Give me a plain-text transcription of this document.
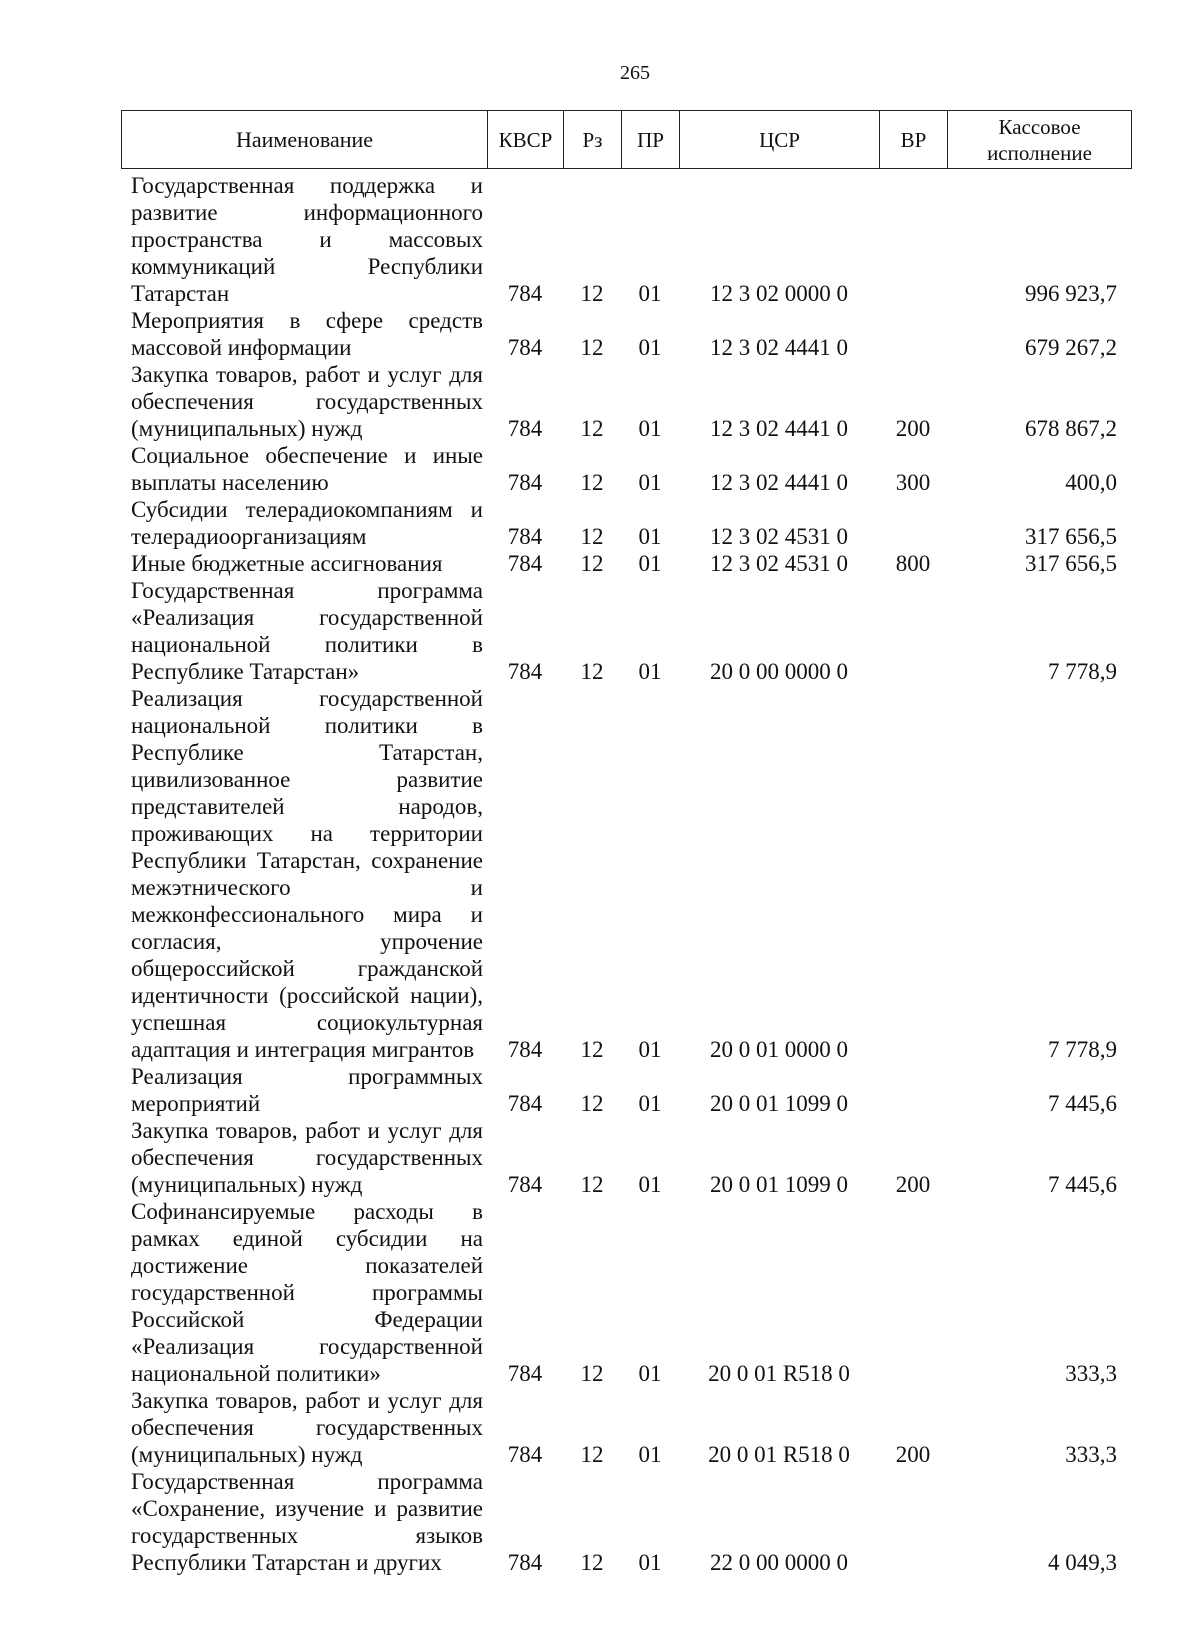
265
Наименование	КВСР	Рз	ПР	ЦСР	ВР	Кассовое исполнение
Государственная поддержка и развитие информационного пространства и массовых коммуникаций Республики Татарстан	784	12	01	12 3 02 0000 0		996 923,7
Мероприятия в сфере средств массовой информации	784	12	01	12 3 02 4441 0		679 267,2
Закупка товаров, работ и услуг для обеспечения государственных (муниципальных) нужд	784	12	01	12 3 02 4441 0	200	678 867,2
Социальное обеспечение и иные выплаты населению	784	12	01	12 3 02 4441 0	300	400,0
Субсидии телерадиокомпаниям и телерадиоорганизациям	784	12	01	12 3 02 4531 0		317 656,5
Иные бюджетные ассигнования	784	12	01	12 3 02 4531 0	800	317 656,5
Государственная программа «Реализация государственной национальной политики в Республике Татарстан»	784	12	01	20 0 00 0000 0		7 778,9
Реализация государственной национальной политики в Республике Татарстан, цивилизованное развитие представителей народов, проживающих на территории Республики Татарстан, сохранение межэтнического и межконфессионального мира и согласия, упрочение общероссийской гражданской идентичности (российской нации), успешная социокультурная адаптация и интеграция мигрантов	784	12	01	20 0 01 0000 0		7 778,9
Реализация программных мероприятий	784	12	01	20 0 01 1099 0		7 445,6
Закупка товаров, работ и услуг для обеспечения государственных (муниципальных) нужд	784	12	01	20 0 01 1099 0	200	7 445,6
Софинансируемые расходы в рамках единой субсидии на достижение показателей государственной программы Российской Федерации «Реализация государственной национальной политики»	784	12	01	20 0 01 R518 0		333,3
Закупка товаров, работ и услуг для обеспечения государственных (муниципальных) нужд	784	12	01	20 0 01 R518 0	200	333,3
Государственная программа «Сохранение, изучение и развитие государственных языков Республики Татарстан и других	784	12	01	22 0 00 0000 0		4 049,3
